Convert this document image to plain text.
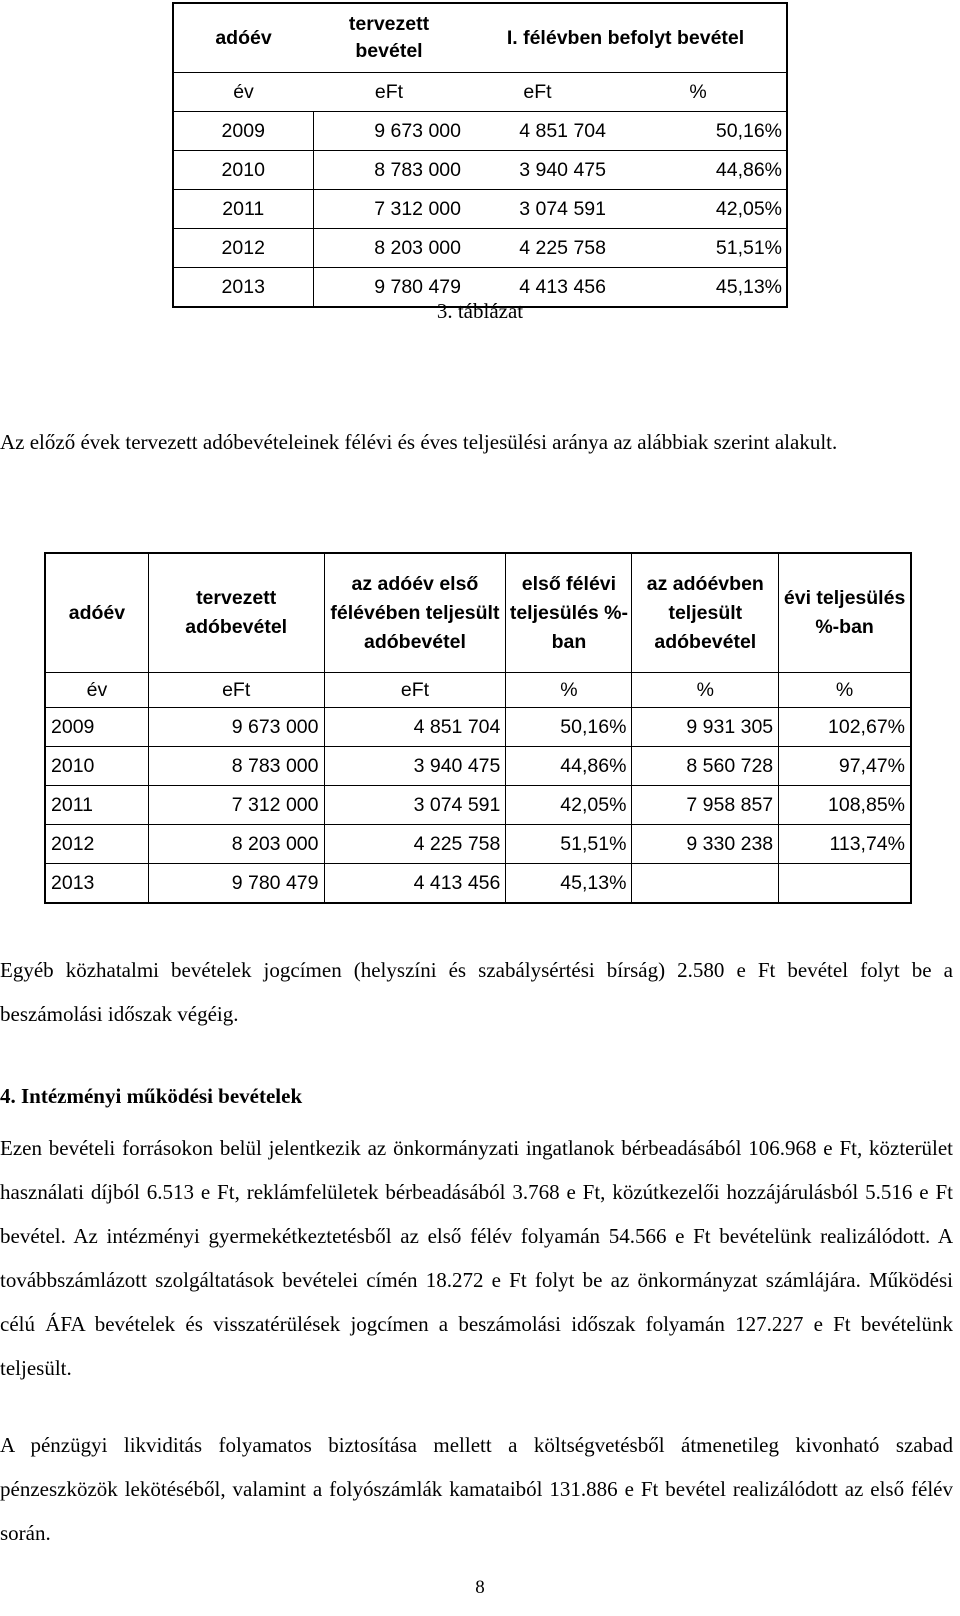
adóév	tervezett bevétel	I. félévben befolyt bevétel	
év	eFt	eFt	%
2009	9 673 000	4 851 704	50,16%
2010	8 783 000	3 940 475	44,86%
2011	7 312 000	3 074 591	42,05%
2012	8 203 000	4 225 758	51,51%
2013	9 780 479	4 413 456	45,13%
3. táblázat

Az előző évek tervezett adóbevételeinek félévi és éves teljesülési aránya az alábbiak szerint alakult.

adóév	tervezett adóbevétel	az adóév első félévében teljesült adóbevétel	első félévi teljesülés %-ban	az adóévben teljesült adóbevétel	évi teljesülés %-ban
év	eFt	eFt	%	%	%
2009	9 673 000	4 851 704	50,16%	9 931 305	102,67%
2010	8 783 000	3 940 475	44,86%	8 560 728	97,47%
2011	7 312 000	3 074 591	42,05%	7 958 857	108,85%
2012	8 203 000	4 225 758	51,51%	9 330 238	113,74%
2013	9 780 479	4 413 456	45,13%		

Egyéb közhatalmi bevételek jogcímen (helyszíni és szabálysértési bírság) 2.580 e Ft bevétel folyt be a beszámolási időszak végéig.

4. Intézményi működési bevételek

Ezen bevételi forrásokon belül jelentkezik az önkormányzati ingatlanok bérbeadásából 106.968 e Ft, közterület használati díjból 6.513 e Ft, reklámfelületek bérbeadásából 3.768 e Ft, közútkezelői hozzájárulásból 5.516 e Ft bevétel. Az intézményi gyermekétkeztetésből az első félév folyamán 54.566 e Ft bevételünk realizálódott. A továbbszámlázott szolgáltatások bevételei címén 18.272 e Ft folyt be az önkormányzat számlájára. Működési célú ÁFA bevételek és visszatérülések jogcímen a beszámolási időszak folyamán 127.227 e Ft bevételünk teljesült.

A pénzügyi likviditás folyamatos biztosítása mellett a költségvetésből átmenetileg kivonható szabad pénzeszközök lekötéséből, valamint a folyószámlák kamataiból 131.886 e Ft bevétel realizálódott az első félév során.

8
